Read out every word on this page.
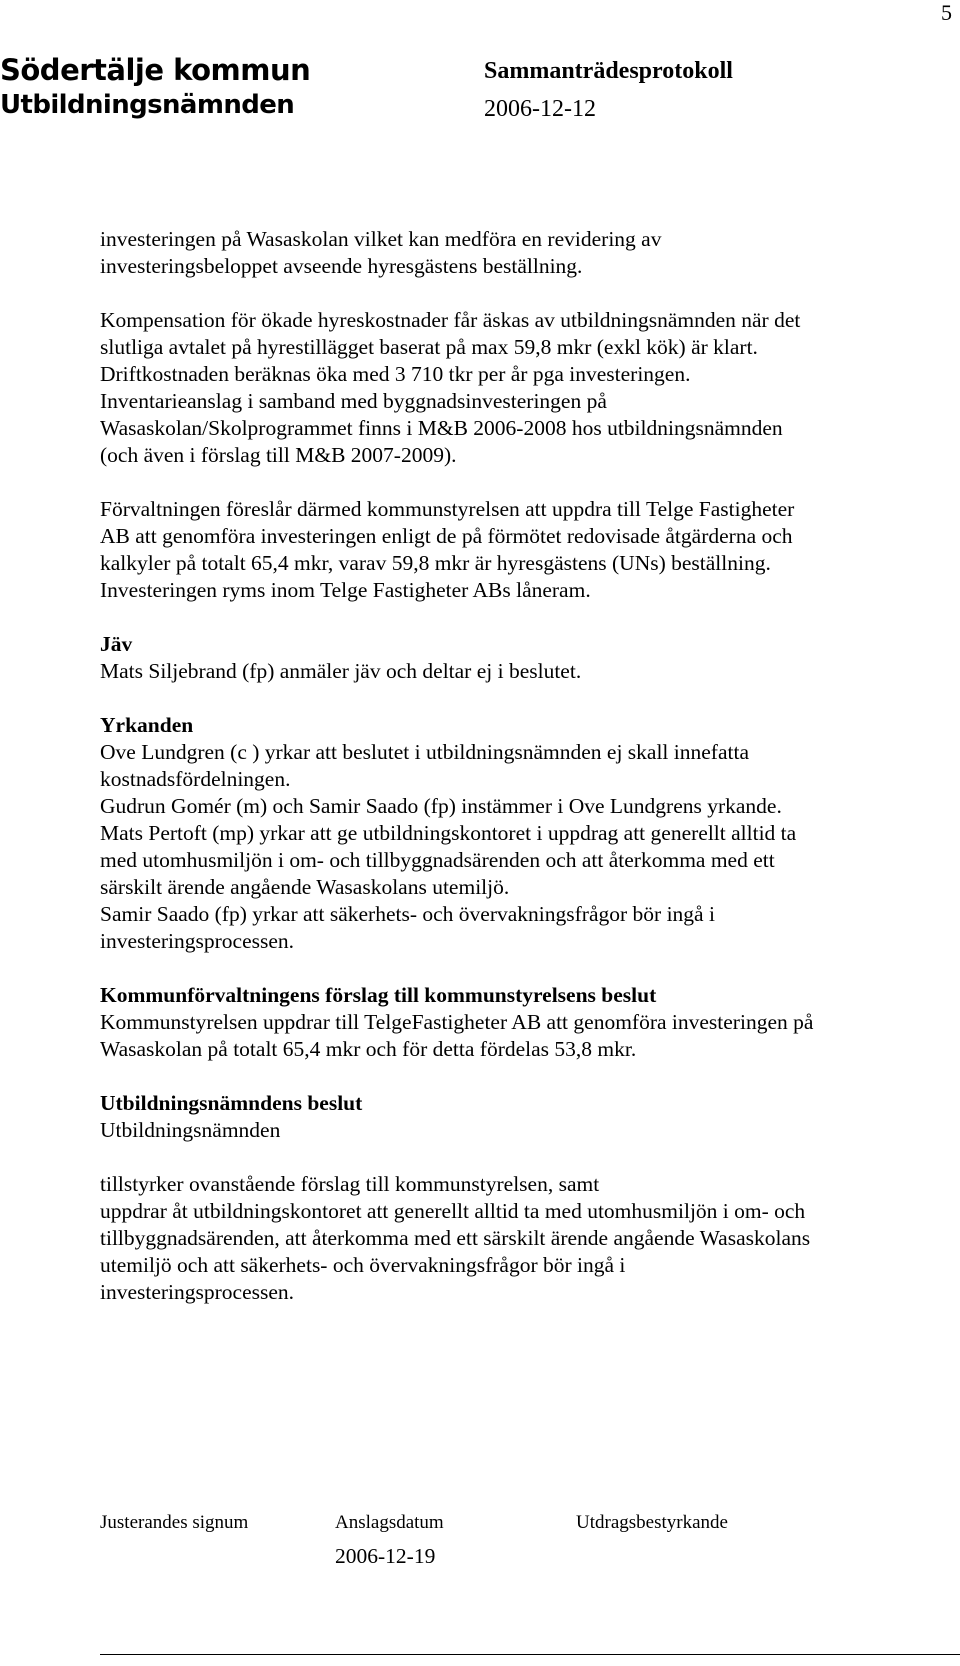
5
Södertälje kommun
Utbildningsnämnden
Sammanträdesprotokoll
2006-12-12

investeringen på Wasaskolan vilket kan medföra en revidering av
investeringsbeloppet avseende hyresgästens beställning.

Kompensation för ökade hyreskostnader får äskas av utbildningsnämnden när det
slutliga avtalet på hyrestillägget baserat på max 59,8 mkr (exkl kök) är klart.
Driftkostnaden beräknas öka med 3 710 tkr per år pga investeringen.
Inventarieanslag i samband med byggnadsinvesteringen på
Wasaskolan/Skolprogrammet finns i M&B 2006-2008 hos utbildningsnämnden
(och även i förslag till M&B 2007-2009).

Förvaltningen föreslår därmed kommunstyrelsen att uppdra till Telge Fastigheter
AB att genomföra investeringen enligt de på förmötet redovisade åtgärderna och
kalkyler på totalt 65,4 mkr, varav 59,8 mkr är hyresgästens (UNs) beställning.
Investeringen ryms inom Telge Fastigheter ABs låneram.

Jäv
Mats Siljebrand (fp) anmäler jäv och deltar ej i beslutet.

Yrkanden
Ove Lundgren (c ) yrkar att beslutet i utbildningsnämnden ej skall innefatta
kostnadsfördelningen.
Gudrun Gomér (m) och Samir Saado (fp) instämmer i Ove Lundgrens yrkande.
Mats Pertoft (mp) yrkar att ge utbildningskontoret i uppdrag att generellt alltid ta
med utomhusmiljön i om- och tillbyggnadsärenden och att återkomma med ett
särskilt ärende angående Wasaskolans utemiljö.
Samir Saado (fp) yrkar att säkerhets- och övervakningsfrågor bör ingå i
investeringsprocessen.

Kommunförvaltningens förslag till kommunstyrelsens beslut
Kommunstyrelsen uppdrar till TelgeFastigheter AB att genomföra investeringen på
Wasaskolan på totalt 65,4 mkr och för detta fördelas 53,8 mkr.

Utbildningsnämndens beslut
Utbildningsnämnden
tillstyrker ovanstående förslag till kommunstyrelsen, samt
uppdrar åt utbildningskontoret att generellt alltid ta med utomhusmiljön i om- och
tillbyggnadsärenden, att återkomma med ett särskilt ärende angående Wasaskolans
utemiljö och att säkerhets- och övervakningsfrågor bör ingå i
investeringsprocessen.

Justerandes signum	Anslagsdatum	Utdragsbestyrkande
2006-12-19
